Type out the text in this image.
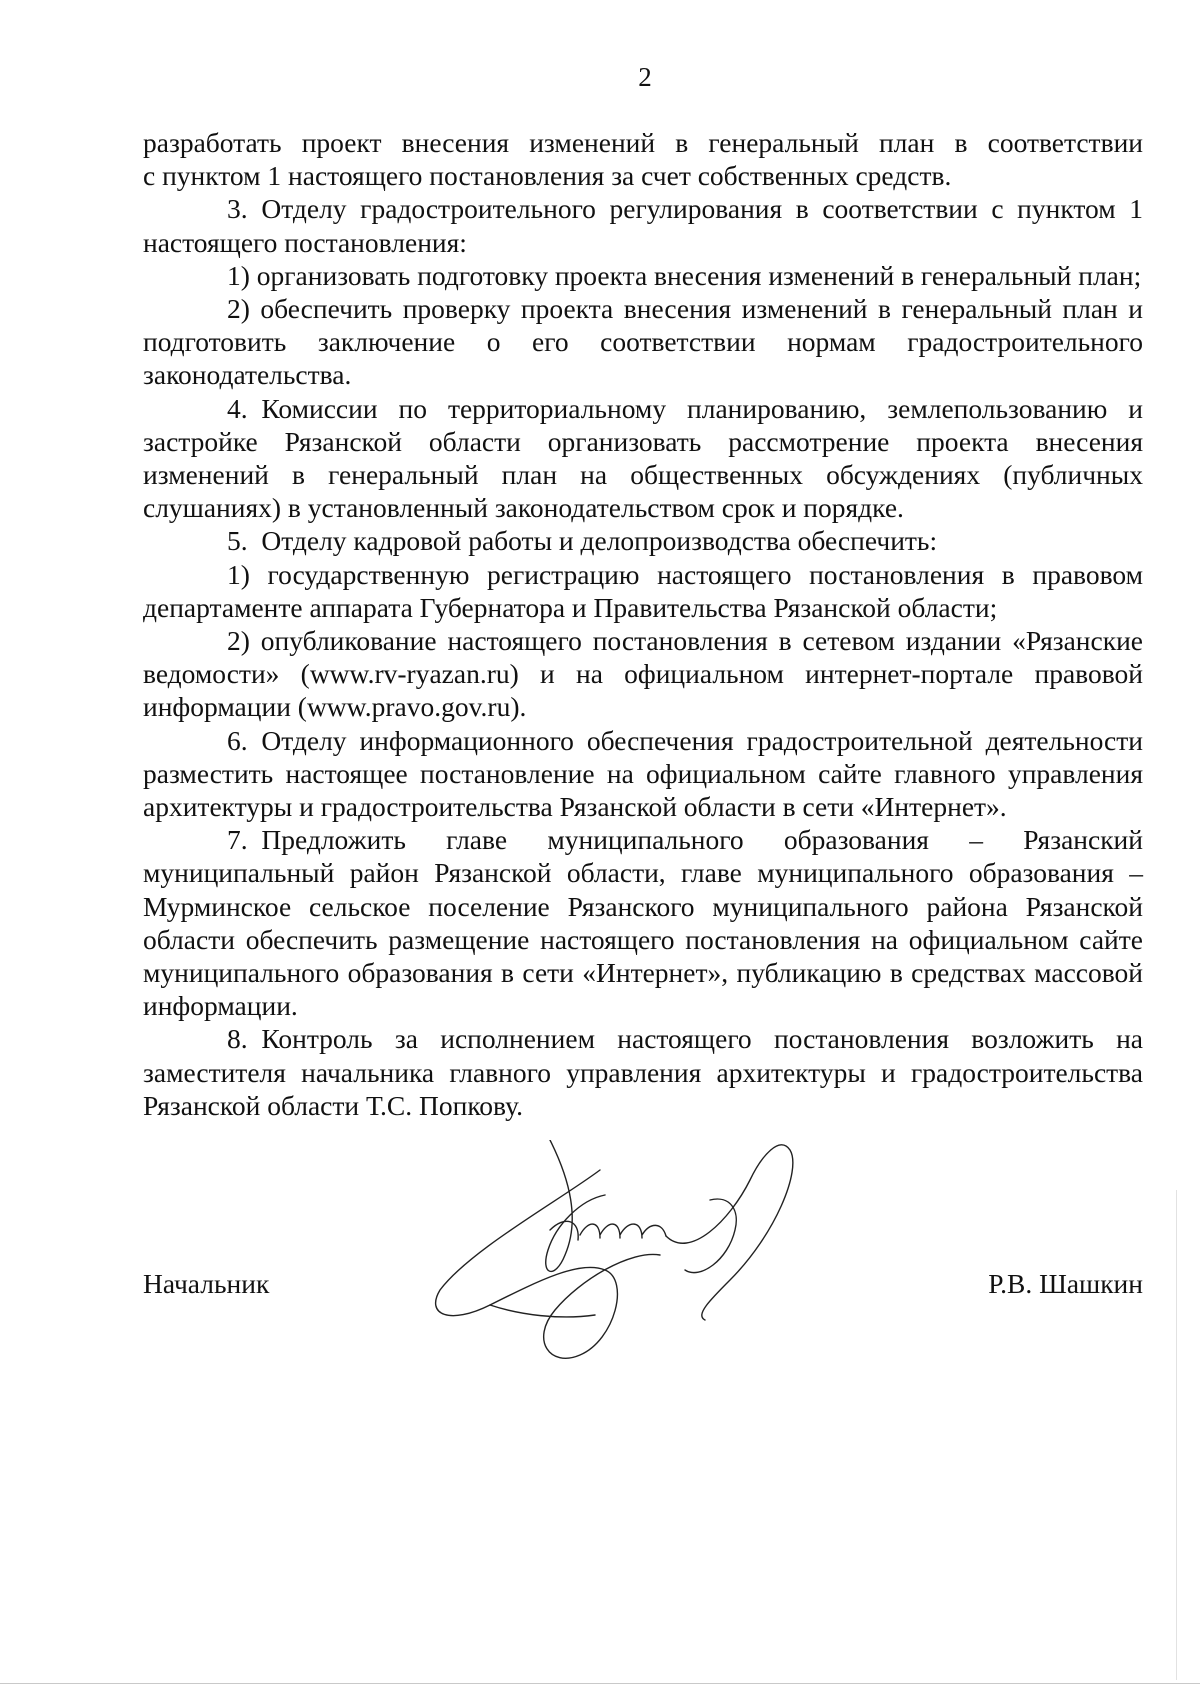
2

разработать проект внесения изменений в генеральный план в соответствии

с пунктом 1 настоящего постановления за счет собственных средств.

3. Отделу градостроительного регулирования в соответствии с пунктом 1 настоящего постановления:

1) организовать подготовку проекта внесения изменений в генеральный план;

2) обеспечить проверку проекта внесения изменений в генеральный план и подготовить заключение о его соответствии нормам градостроительного законодательства.

4. Комиссии по территориальному планированию, землепользованию и застройке Рязанской области организовать рассмотрение проекта внесения изменений в генеральный план на общественных обсуждениях (публичных слушаниях) в установленный законодательством срок и порядке.

5. Отделу кадровой работы и делопроизводства обеспечить:

1) государственную регистрацию настоящего постановления в правовом департаменте аппарата Губернатора и Правительства Рязанской области;

2) опубликование настоящего постановления в сетевом издании «Рязанские ведомости» (www.rv-ryazan.ru) и на официальном интернет-портале правовой информации (www.pravo.gov.ru).

6. Отделу информационного обеспечения градостроительной деятельности разместить настоящее постановление на официальном сайте главного управления архитектуры и градостроительства Рязанской области в сети «Интернет».

7. Предложить главе муниципального образования – Рязанский муниципальный район Рязанской области, главе муниципального образования – Мурминское сельское поселение Рязанского муниципального района Рязанской области обеспечить размещение настоящего постановления на официальном сайте муниципального образования в сети «Интернет», публикацию в средствах массовой информации.

8. Контроль за исполнением настоящего постановления возложить на заместителя начальника главного управления архитектуры и градостроительства Рязанской области Т.С. Попкову.

Начальник	Р.В. Шашкин
